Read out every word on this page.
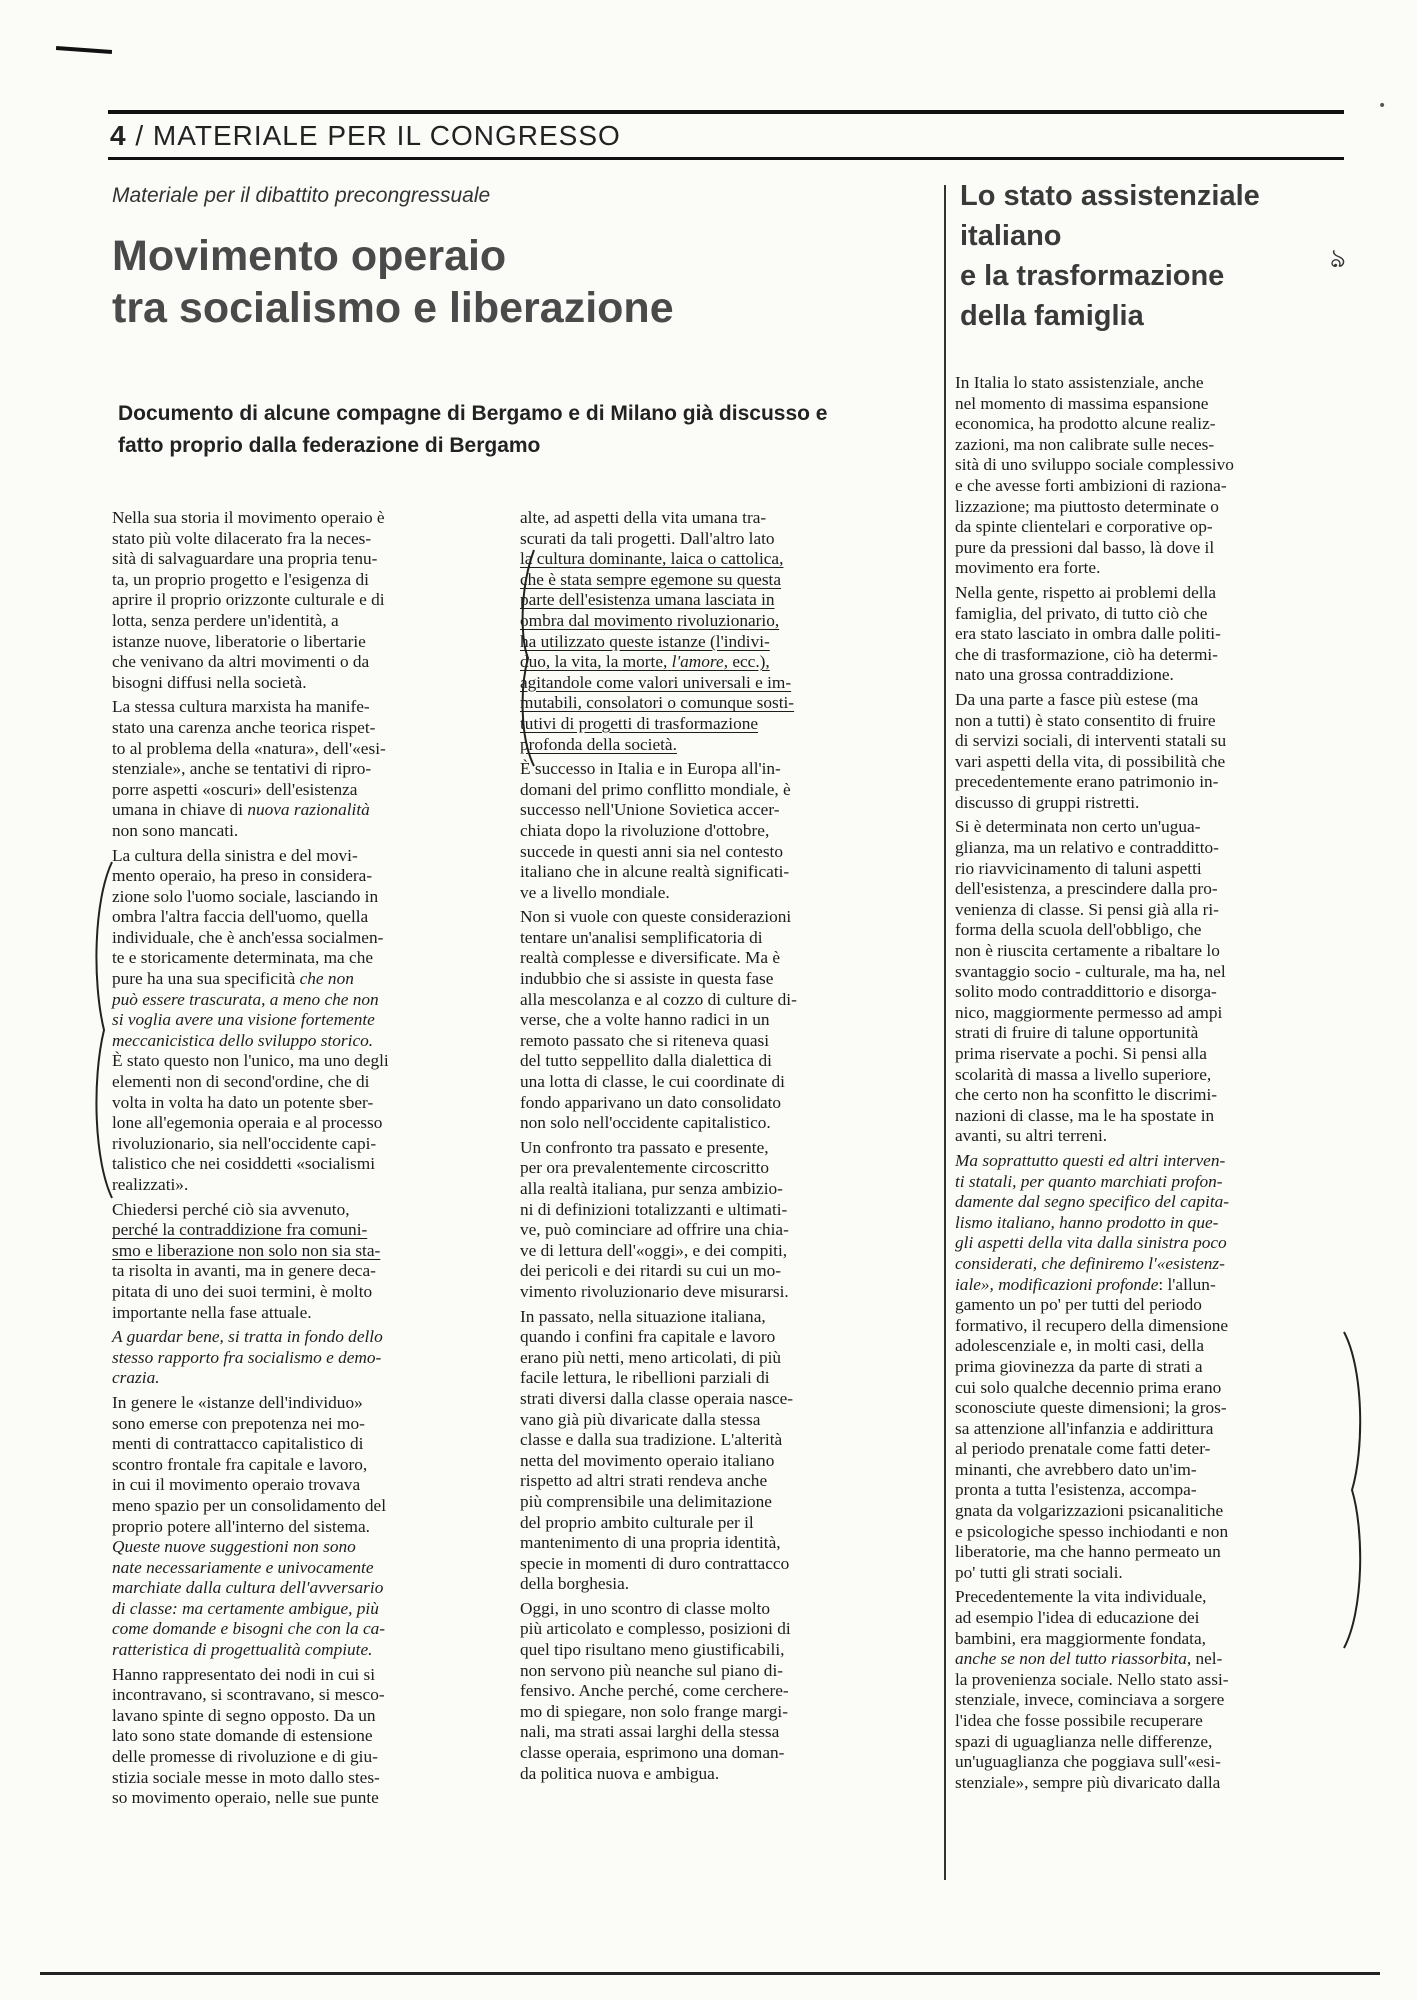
•
4 / MATERIALE PER IL CONGRESSO
Materiale per il dibattito precongressuale
Movimento operaio
tra socialismo e liberazione

Documento di alcune compagne di Bergamo e di Milano già discusso e
fatto proprio dalla federazione di Bergamo

Lo stato assistenziale
italiano
e la trasformazione
della famiglia
ঌ

Nella sua storia il movimento operaio è
stato più volte dilacerato fra la neces-
sità di salvaguardare una propria tenu-
ta, un proprio progetto e l'esigenza di
aprire il proprio orizzonte culturale e di
lotta, senza perdere un'identità, a
istanze nuove, liberatorie o libertarie
che venivano da altri movimenti o da
bisogni diffusi nella società.

La stessa cultura marxista ha manife-
stato una carenza anche teorica rispet-
to al problema della «natura», dell'«esi-
stenziale», anche se tentativi di ripro-
porre aspetti «oscuri» dell'esistenza
umana in chiave di nuova razionalità
non sono mancati.

La cultura della sinistra e del movi-
mento operaio, ha preso in considera-
zione solo l'uomo sociale, lasciando in
ombra l'altra faccia dell'uomo, quella
individuale, che è anch'essa socialmen-
te e storicamente determinata, ma che
pure ha una sua specificità che non
può essere trascurata, a meno che non
si voglia avere una visione fortemente
meccanicistica dello sviluppo storico.
È stato questo non l'unico, ma uno degli
elementi non di second'ordine, che di
volta in volta ha dato un potente sber-
lone all'egemonia operaia e al processo
rivoluzionario, sia nell'occidente capi-
talistico che nei cosiddetti «socialismi
realizzati».

Chiedersi perché ciò sia avvenuto,
perché la contraddizione fra comuni-
smo e liberazione non solo non sia sta-
ta risolta in avanti, ma in genere deca-
pitata di uno dei suoi termini, è molto
importante nella fase attuale.

A guardar bene, si tratta in fondo dello
stesso rapporto fra socialismo e demo-
crazia.

In genere le «istanze dell'individuo»
sono emerse con prepotenza nei mo-
menti di contrattacco capitalistico di
scontro frontale fra capitale e lavoro,
in cui il movimento operaio trovava
meno spazio per un consolidamento del
proprio potere all'interno del sistema.
Queste nuove suggestioni non sono
nate necessariamente e univocamente
marchiate dalla cultura dell'avversario
di classe: ma certamente ambigue, più
come domande e bisogni che con la ca-
ratteristica di progettualità compiute.

Hanno rappresentato dei nodi in cui si
incontravano, si scontravano, si mesco-
lavano spinte di segno opposto. Da un
lato sono state domande di estensione
delle promesse di rivoluzione e di giu-
stizia sociale messe in moto dallo stes-
so movimento operaio, nelle sue punte

alte, ad aspetti della vita umana tra-
scurati da tali progetti. Dall'altro lato
la cultura dominante, laica o cattolica,
che è stata sempre egemone su questa
parte dell'esistenza umana lasciata in
ombra dal movimento rivoluzionario,
ha utilizzato queste istanze (l'indivi-
duo, la vita, la morte, l'amore, ecc.),
agitandole come valori universali e im-
mutabili, consolatori o comunque sosti-
tutivi di progetti di trasformazione
profonda della società.

È successo in Italia e in Europa all'in-
domani del primo conflitto mondiale, è
successo nell'Unione Sovietica accer-
chiata dopo la rivoluzione d'ottobre,
succede in questi anni sia nel contesto
italiano che in alcune realtà significati-
ve a livello mondiale.

Non si vuole con queste considerazioni
tentare un'analisi semplificatoria di
realtà complesse e diversificate. Ma è
indubbio che si assiste in questa fase
alla mescolanza e al cozzo di culture di-
verse, che a volte hanno radici in un
remoto passato che si riteneva quasi
del tutto seppellito dalla dialettica di
una lotta di classe, le cui coordinate di
fondo apparivano un dato consolidato
non solo nell'occidente capitalistico.

Un confronto tra passato e presente,
per ora prevalentemente circoscritto
alla realtà italiana, pur senza ambizio-
ni di definizioni totalizzanti e ultimati-
ve, può cominciare ad offrire una chia-
ve di lettura dell'«oggi», e dei compiti,
dei pericoli e dei ritardi su cui un mo-
vimento rivoluzionario deve misurarsi.

In passato, nella situazione italiana,
quando i confini fra capitale e lavoro
erano più netti, meno articolati, di più
facile lettura, le ribellioni parziali di
strati diversi dalla classe operaia nasce-
vano già più divaricate dalla stessa
classe e dalla sua tradizione. L'alterità
netta del movimento operaio italiano
rispetto ad altri strati rendeva anche
più comprensibile una delimitazione
del proprio ambito culturale per il
mantenimento di una propria identità,
specie in momenti di duro contrattacco
della borghesia.

Oggi, in uno scontro di classe molto
più articolato e complesso, posizioni di
quel tipo risultano meno giustificabili,
non servono più neanche sul piano di-
fensivo. Anche perché, come cerchere-
mo di spiegare, non solo frange margi-
nali, ma strati assai larghi della stessa
classe operaia, esprimono una doman-
da politica nuova e ambigua.

In Italia lo stato assistenziale, anche
nel momento di massima espansione
economica, ha prodotto alcune realiz-
zazioni, ma non calibrate sulle neces-
sità di uno sviluppo sociale complessivo
e che avesse forti ambizioni di raziona-
lizzazione; ma piuttosto determinate o
da spinte clientelari e corporative op-
pure da pressioni dal basso, là dove il
movimento era forte.

Nella gente, rispetto ai problemi della
famiglia, del privato, di tutto ciò che
era stato lasciato in ombra dalle politi-
che di trasformazione, ciò ha determi-
nato una grossa contraddizione.

Da una parte a fasce più estese (ma
non a tutti) è stato consentito di fruire
di servizi sociali, di interventi statali su
vari aspetti della vita, di possibilità che
precedentemente erano patrimonio in-
discusso di gruppi ristretti.

Si è determinata non certo un'ugua-
glianza, ma un relativo e contradditto-
rio riavvicinamento di taluni aspetti
dell'esistenza, a prescindere dalla pro-
venienza di classe. Si pensi già alla ri-
forma della scuola dell'obbligo, che
non è riuscita certamente a ribaltare lo
svantaggio socio - culturale, ma ha, nel
solito modo contraddittorio e disorga-
nico, maggiormente permesso ad ampi
strati di fruire di talune opportunità
prima riservate a pochi. Si pensi alla
scolarità di massa a livello superiore,
che certo non ha sconfitto le discrimi-
nazioni di classe, ma le ha spostate in
avanti, su altri terreni.

Ma soprattutto questi ed altri interven-
ti statali, per quanto marchiati profon-
damente dal segno specifico del capita-
lismo italiano, hanno prodotto in que-
gli aspetti della vita dalla sinistra poco
considerati, che definiremo l'«esistenz-
iale», modificazioni profonde: l'allun-
gamento un po' per tutti del periodo
formativo, il recupero della dimensione
adolescenziale e, in molti casi, della
prima giovinezza da parte di strati a
cui solo qualche decennio prima erano
sconosciute queste dimensioni; la gros-
sa attenzione all'infanzia e addirittura
al periodo prenatale come fatti deter-
minanti, che avrebbero dato un'im-
pronta a tutta l'esistenza, accompa-
gnata da volgarizzazioni psicanalitiche
e psicologiche spesso inchiodanti e non
liberatorie, ma che hanno permeato un
po' tutti gli strati sociali.

Precedentemente la vita individuale,
ad esempio l'idea di educazione dei
bambini, era maggiormente fondata,
anche se non del tutto riassorbita, nel-
la provenienza sociale. Nello stato assi-
stenziale, invece, cominciava a sorgere
l'idea che fosse possibile recuperare
spazi di uguaglianza nelle differenze,
un'uguaglianza che poggiava sull'«esi-
stenziale», sempre più divaricato dalla
